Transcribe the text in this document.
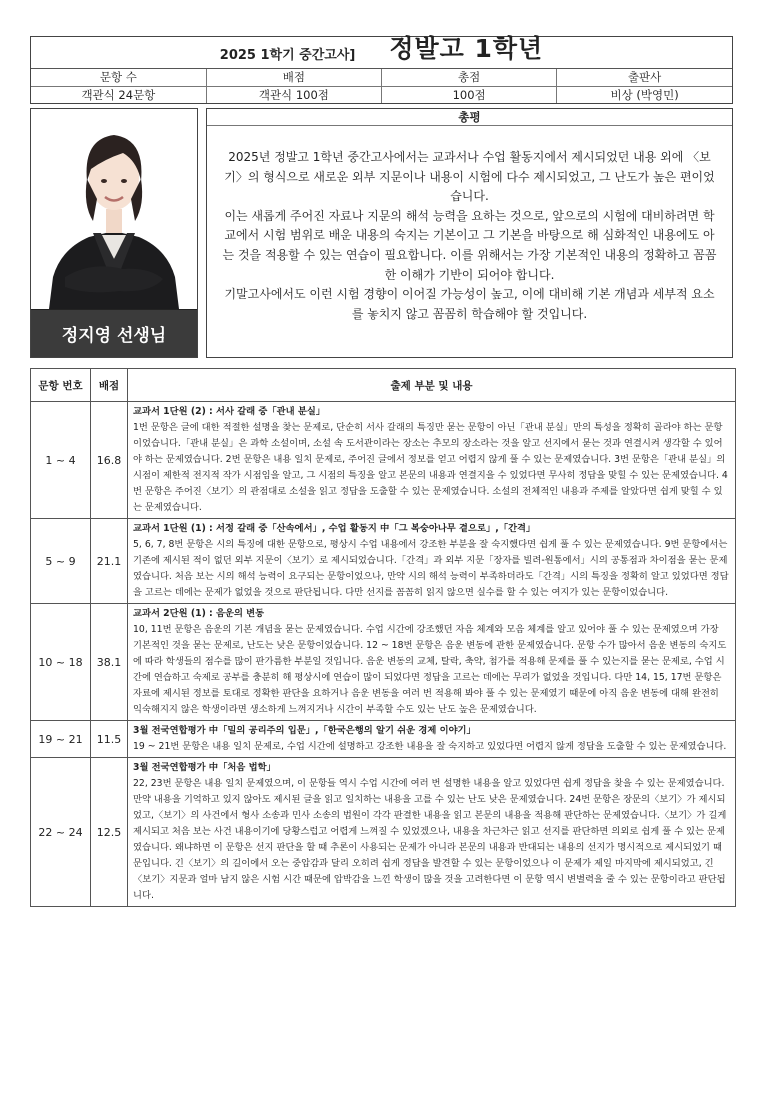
2025 1학기 중간고사] 정발고 1학년
문항 수	배점	총점	출판사
객관식 24문항	객관식 100점	100점	비상 (박영민)
정지영 선생님
총평

2025년 정발고 1학년 중간고사에서는 교과서나 수업 활동지에서 제시되었던 내용 외에 〈보기〉의 형식으로 새로운 외부 지문이나 내용이 시험에 다수 제시되었고, 그 난도가 높은 편이었습니다.

이는 새롭게 주어진 자료나 지문의 해석 능력을 요하는 것으로, 앞으로의 시험에 대비하려면 학교에서 시험 범위로 배운 내용의 숙지는 기본이고 그 기본을 바탕으로 해 심화적인 내용에도 아는 것을 적용할 수 있는 연습이 필요합니다. 이를 위해서는 가장 기본적인 내용의 정확하고 꼼꼼한 이해가 기반이 되어야 합니다.

기말고사에서도 이런 시험 경향이 이어질 가능성이 높고, 이에 대비해 기본 개념과 세부적 요소를 놓치지 않고 꼼꼼히 학습해야 할 것입니다.

문항 번호	배점	출제 부분 및 내용
1 ~ 4	16.8	교과서 1단원 (2) : 서사 갈래 중「관내 분실」
1번 문항은 글에 대한 적절한 설명을 찾는 문제로, 단순히 서사 갈래의 특징만 묻는 문항이 아닌「관내 분실」만의 특성을 정확히 골라야 하는 문항이었습니다.「관내 분실」은 과학 소설이며, 소설 속 도서관이라는 장소는 추모의 장소라는 것을 알고 선지에서 묻는 것과 연결시켜 생각할 수 있어야 하는 문제였습니다. 2번 문항은 내용 일치 문제로, 주어진 글에서 정보를 얻고 어렵지 않게 풀 수 있는 문제였습니다. 3번 문항은「관내 분실」의 시점이 제한적 전지적 작가 시점임을 알고, 그 시점의 특징을 알고 본문의 내용과 연결지을 수 있었다면 무사히 정답을 맞힐 수 있는 문제였습니다. 4번 문항은 주어진〈보기〉의 관점대로 소설을 읽고 정답을 도출할 수 있는 문제였습니다. 소설의 전체적인 내용과 주제를 알았다면 쉽게 맞힐 수 있는 문제였습니다.

5 ~ 9	21.1	교과서 1단원 (1) : 서정 갈래 중「산속에서」, 수업 활동지 中「그 복숭아나무 곁으로」,「간격」
5, 6, 7, 8번 문항은 시의 특징에 대한 문항으로, 평상시 수업 내용에서 강조한 부분을 잘 숙지했다면 쉽게 풀 수 있는 문제였습니다. 9번 문항에서는 기존에 제시된 적이 없던 외부 지문이〈보기〉로 제시되었습니다.「간격」과 외부 지문「장자를 빌려-원통에서」시의 공통점과 차이점을 묻는 문제였습니다. 처음 보는 시의 해석 능력이 요구되는 문항이었으나, 만약 시의 해석 능력이 부족하더라도「간격」시의 특징을 정확히 알고 있었다면 정답을 고르는 데에는 문제가 없었을 것으로 판단됩니다. 다만 선지를 꼼꼼히 읽지 않으면 실수를 할 수 있는 여지가 있는 문항이었습니다.

10 ~ 18	38.1	교과서 2단원 (1) : 음운의 변동
10, 11번 문항은 음운의 기본 개념을 묻는 문제였습니다. 수업 시간에 강조했던 자음 체계와 모음 체계를 알고 있어야 풀 수 있는 문제였으며 가장 기본적인 것을 묻는 문제로, 난도는 낮은 문항이었습니다. 12 ~ 18번 문항은 음운 변동에 관한 문제였습니다. 문항 수가 많아서 음운 변동의 숙지도에 따라 학생들의 점수를 많이 판가름한 부분일 것입니다. 음운 변동의 교체, 탈락, 축약, 첨가를 적용해 문제를 풀 수 있는지를 묻는 문제로, 수업 시간에 연습하고 숙제로 공부를 충분히 해 평상시에 연습이 많이 되었다면 정답을 고르는 데에는 무리가 없었을 것입니다. 다만 14, 15, 17번 문항은 자료에 제시된 정보를 토대로 정확한 판단을 요하거나 음운 변동을 여러 번 적용해 봐야 풀 수 있는 문제였기 때문에 아직 음운 변동에 대해 완전히 익숙해지지 않은 학생이라면 생소하게 느껴지거나 시간이 부족할 수도 있는 난도 높은 문제였습니다.

19 ~ 21	11.5	3월 전국연합평가 中「밀의 공리주의 입문」,「한국은행의 알기 쉬운 경제 이야기」
19 ~ 21번 문항은 내용 일치 문제로, 수업 시간에 설명하고 강조한 내용을 잘 숙지하고 있었다면 어렵지 않게 정답을 도출할 수 있는 문제였습니다.

22 ~ 24	12.5	3월 전국연합평가 中「처음 법학」
22, 23번 문항은 내용 일치 문제였으며, 이 문항들 역시 수업 시간에 여러 번 설명한 내용을 알고 있었다면 쉽게 정답을 찾을 수 있는 문제였습니다. 만약 내용을 기억하고 있지 않아도 제시된 글을 읽고 일치하는 내용을 고를 수 있는 난도 낮은 문제였습니다. 24번 문항은 장문의〈보기〉가 제시되었고,〈보기〉의 사건에서 형사 소송과 민사 소송의 법원이 각각 판결한 내용을 읽고 본문의 내용을 적용해 판단하는 문제였습니다.〈보기〉가 길게 제시되고 처음 보는 사건 내용이기에 당황스럽고 어렵게 느껴질 수 있었겠으나, 내용을 차근차근 읽고 선지를 판단하면 의외로 쉽게 풀 수 있는 문제였습니다. 왜냐하면 이 문항은 선지 판단을 할 때 추론이 사용되는 문제가 아니라 본문의 내용과 반대되는 내용의 선지가 명시적으로 제시되었기 때문입니다. 긴〈보기〉의 길이에서 오는 중압감과 달리 오히려 쉽게 정답을 발견할 수 있는 문항이었으나 이 문제가 제일 마지막에 제시되었고, 긴〈보기〉지문과 얼마 남지 않은 시험 시간 때문에 압박감을 느낀 학생이 많을 것을 고려한다면 이 문항 역시 변별력을 줄 수 있는 문항이라고 판단됩니다.
